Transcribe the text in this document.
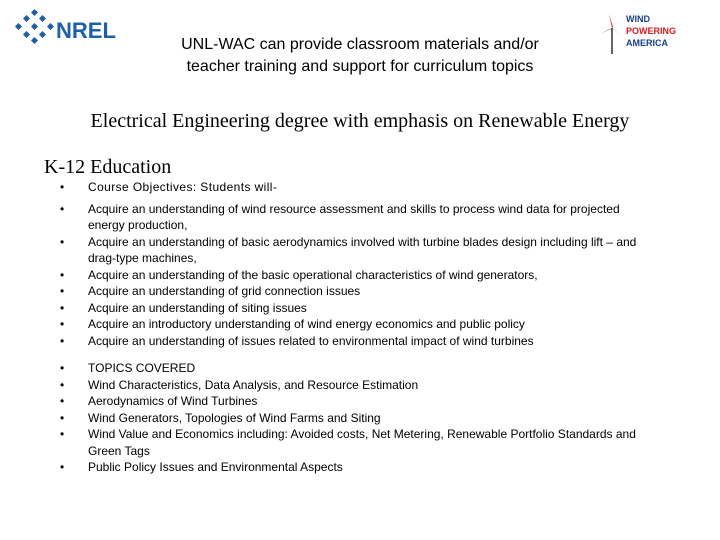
NREL	WIND
POWERING
AMERICA
UNL-WAC can provide classroom materials and/or
teacher training and support for curriculum topics
Electrical Engineering degree with emphasis on Renewable Energy
K-12 Education
• Course Objectives: Students will-
• Acquire an understanding of wind resource assessment and skills to process wind data for projected energy production,
• Acquire an understanding of basic aerodynamics involved with turbine blades design including lift – and drag-type machines,
• Acquire an understanding of the basic operational characteristics of wind generators,
• Acquire an understanding of grid connection issues
• Acquire an understanding of siting issues
• Acquire an introductory understanding of wind energy economics and public policy
• Acquire an understanding of issues related to environmental impact of wind turbines
• TOPICS COVERED
• Wind Characteristics, Data Analysis, and Resource Estimation
• Aerodynamics of Wind Turbines
• Wind Generators, Topologies of Wind Farms and Siting
• Wind Value and Economics including: Avoided costs, Net Metering, Renewable Portfolio Standards and Green Tags
• Public Policy Issues and Environmental Aspects
